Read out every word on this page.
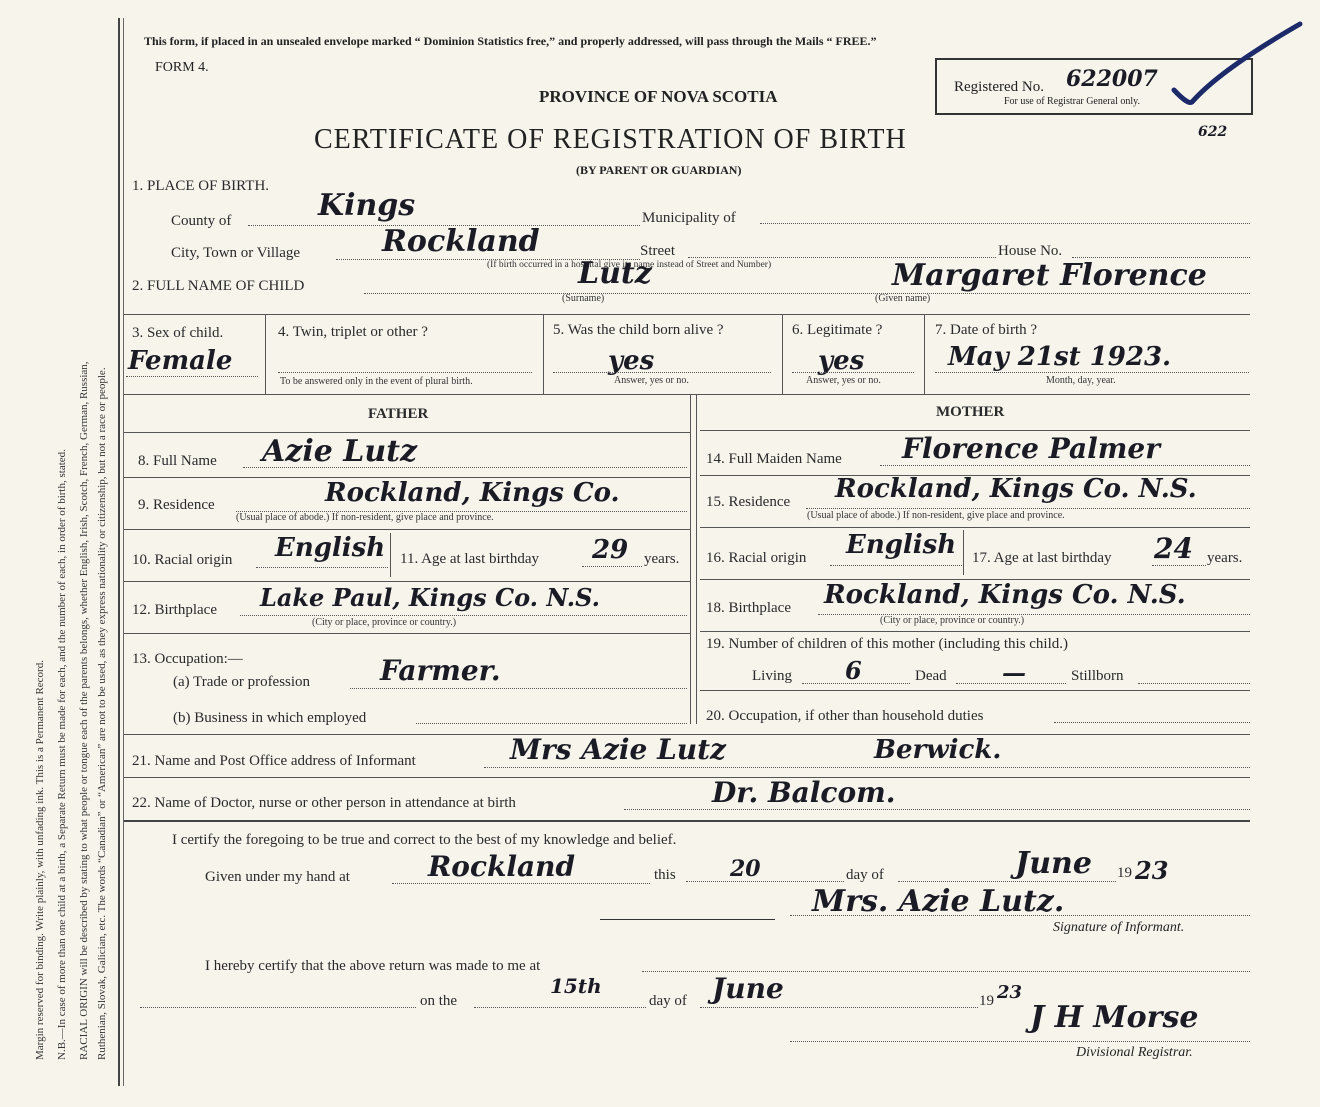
Margin reserved for binding. Write plainly, with unfading ink. This is a Permanent Record. N.B.—In case of more than one child at a birth, a Separate Return must be made for each, and the number of each, in order of birth, stated. RACIAL ORIGIN will be described by stating to what people or tongue each of the parents belongs, whether English, Irish, Scotch, French, German, Russian, Ruthenian, Slovak, Galician, etc. The words “Canadian” or “American” are not to be used, as they express nationality or citizenship, but not a race or people.
This form, if placed in an unsealed envelope marked “ Dominion Statistics free,” and properly addressed, will pass through the Mails “ FREE.”
FORM 4.
PROVINCE OF NOVA SCOTIA
CERTIFICATE OF REGISTRATION OF BIRTH
(BY PARENT OR GUARDIAN)
Registered No. 622007
For use of Registrar General only.
622
1. PLACE OF BIRTH.
County of	Kings	Municipality of
City, Town or Village	Rockland	Street	House No.
(If birth occurred in a hospital give its name instead of Street and Number)
2. FULL NAME OF CHILD	Lutz	Margaret Florence
(Surname)	(Given name)
3. Sex of child.
Female
4. Twin, triplet or other ?
To be answered only in the event of plural birth.
5. Was the child born alive ?
yes
Answer, yes or no.
6. Legitimate ?
yes
Answer, yes or no.
7. Date of birth ?
May 21st 1923.
Month, day, year.
FATHER	MOTHER
8. Full Name Azie Lutz
9. Residence	Rockland, Kings Co.
(Usual place of abode.) If non-resident, give place and province.
10. Racial origin English 11. Age at last birthday 29 years.
12. Birthplace Lake Paul, Kings Co. N.S.
(City or place, province or country.)
13. Occupation:—
(a) Trade or profession Farmer.
(b) Business in which employed
14. Full Maiden Name Florence Palmer
15. Residence Rockland, Kings Co. N.S.
(Usual place of abode.) If non-resident, give place and province.
16. Racial origin English 17. Age at last birthday 24 years.
18. Birthplace Rockland, Kings Co. N.S.
(City or place, province or country.)
19. Number of children of this mother (including this child.)
Living 6	Dead —	Stillborn
20. Occupation, if other than household duties
21. Name and Post Office address of Informant	Mrs Azie Lutz	Berwick.
22. Name of Doctor, nurse or other person in attendance at birth	Dr. Balcom.
I certify the foregoing to be true and correct to the best of my knowledge and belief.
Given under my hand at	Rockland	this 20	day of	June 19 23
Mrs. Azie Lutz.
Signature of Informant.
I hereby certify that the above return was made to me at
on the
15th
day of June	19 23
J H Morse
Divisional Registrar.
